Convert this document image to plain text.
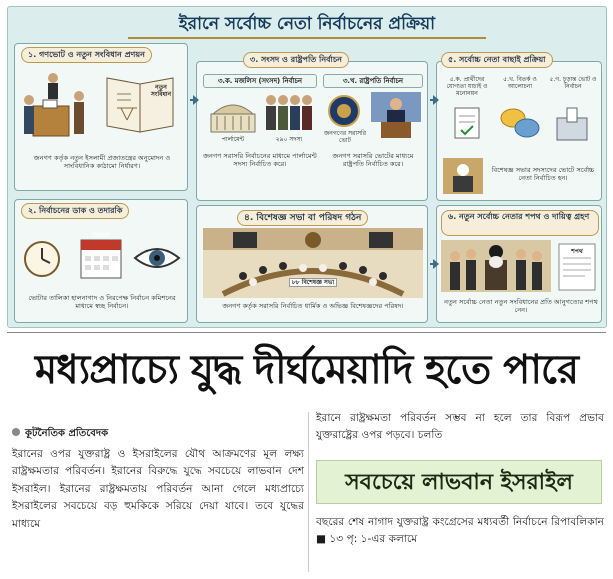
ইরানে সর্বোচ্চ নেতা নির্বাচনের প্রক্রিয়া
১. গণভোট ও নতুন সংবিধান প্রণয়ন
নতুন সংবিধান
জনগণ কর্তৃক নতুন ইসলামী প্রজাতন্ত্রের অনুমোদন ও সাংবিধানিক কাঠামো নির্ধারণ।
২. নির্বাচনের ডাক ও তদারকি
নির্বাচন
ভোটার তালিকা হালনাগাদ ও নিরপেক্ষ নির্বাচন কমিশনের মাধ্যমে স্বচ্ছ নির্বাচন।
৩. সংসদ ও রাষ্ট্রপতি নির্বাচন
৩.ক. মজলিস (সংসদ) নির্বাচন	৩.খ. রাষ্ট্রপতি নির্বাচন
পার্লামেন্ট	২৯০ সদস্য
জনগণ সরাসরি নির্বাচনের মাধ্যমে পার্লামেন্ট সদস্য নির্বাচিত করে।
জনগণের সরাসরি ভোট
জনগণ সরাসরি ভোটের মাধ্যমে রাষ্ট্রপতি নির্বাচিত করে।
৪. বিশেষজ্ঞ সভা বা পরিষদ গঠন
৮৮ বিশেষজ্ঞ সভা
জনগণ কর্তৃক সরাসরি নির্বাচিত ধার্মিক ও অভিজ্ঞ বিশেষজ্ঞদের পরিষদ।
৫. সর্বোচ্চ নেতা বাছাই প্রক্রিয়া
৫.ক. প্রার্থীদের যোগ্যতা যাচাই ও মনোনয়ন
৫.খ. বিতর্ক ও আলোচনা
৫.গ. চূড়ান্ত ভোট ও নির্বাচন
বিশেষজ্ঞ সভার সদস্যদের ভোটে সর্বোচ্চ নেতা নির্বাচিত হন।
৬. নতুন সর্বোচ্চ নেতার শপথ ও দায়িত্ব গ্রহণ
শপথ
নতুন সর্বোচ্চ নেতা নতুন সংবিধানের প্রতি আনুগত্যের শপথ নেন।
মধ্যপ্রাচ্যে যুদ্ধ দীর্ঘমেয়াদি হতে পারে
কূটনৈতিক প্রতিবেদক
ইরানের ওপর যুক্তরাষ্ট্র ও ইসরাইলের যৌথ আক্রমণের মূল লক্ষ্য রাষ্ট্রক্ষমতার পরিবর্তন। ইরানের বিরুদ্ধে যুদ্ধে সবচেয়ে লাভবান দেশ ইসরাইল। ইরানের রাষ্ট্রক্ষমতায় পরিবর্তন আনা গেলে মধ্যপ্রাচ্যে ইসরাইলের সবচেয়ে বড় হুমকিকে সরিয়ে দেয়া যাবে। তবে যুদ্ধের মাধ্যমে
ইরানে রাষ্ট্রক্ষমতা পরিবর্তন সম্ভব না হলে তার বিরূপ প্রভাব যুক্তরাষ্ট্রের ওপর পড়বে। চলতি
সবচেয়ে লাভবান ইসরাইল
বছরের শেষ নাগাদ যুক্তরাষ্ট্র কংগ্রেসের মধ্যবর্তী নির্বাচনে রিপাবলিকান ■ ১৩ পৃ: ১-এর কলামে
